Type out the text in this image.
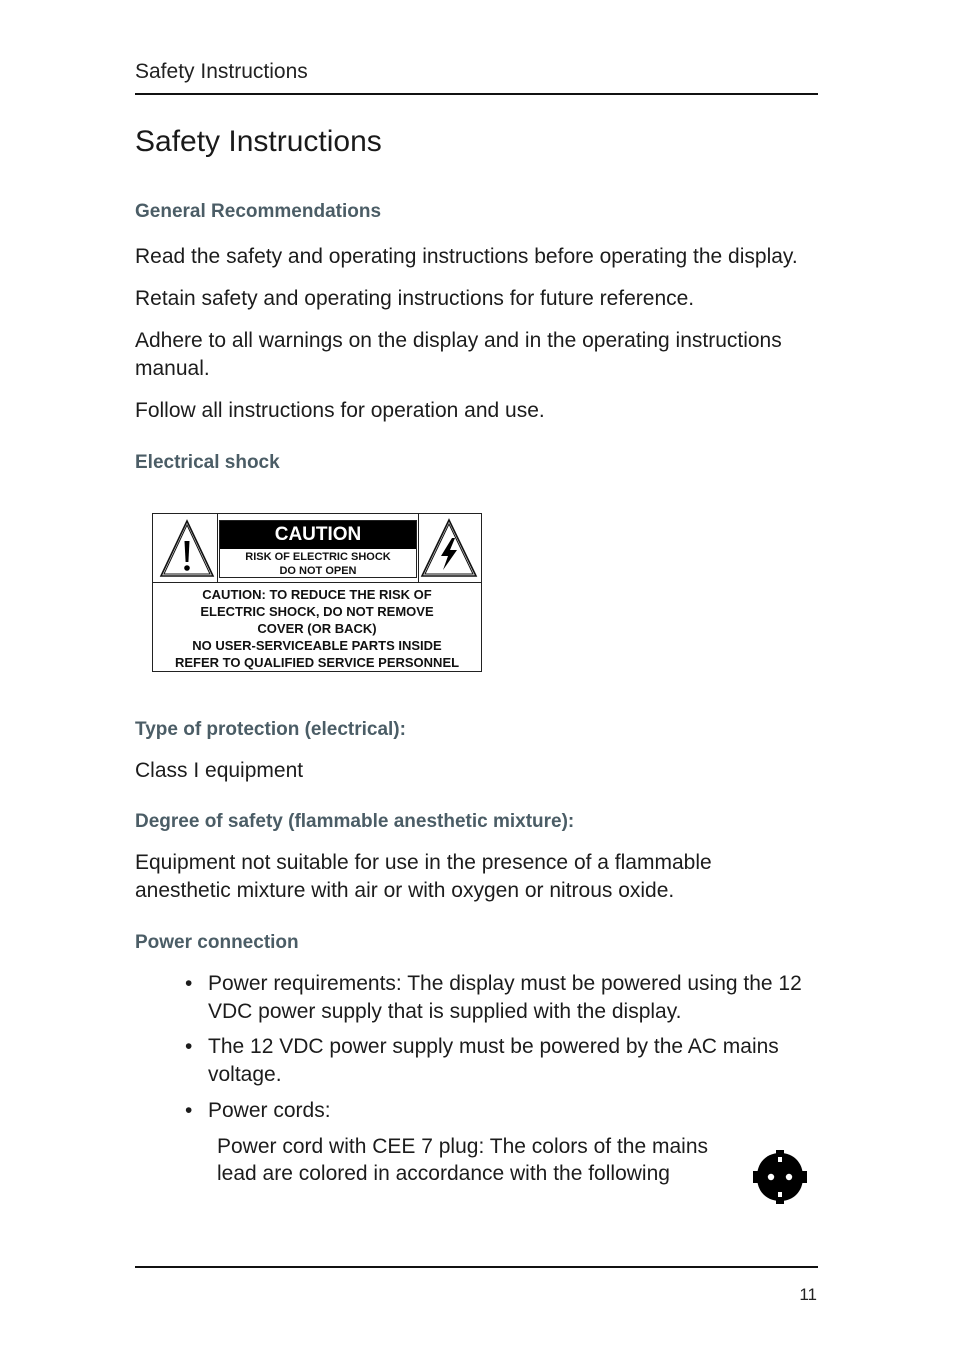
Safety Instructions
Safety Instructions
General Recommendations
Read the safety and operating instructions before operating the display.
Retain safety and operating instructions for future reference.
Adhere to all warnings on the display and in the operating instructions manual.
Follow all instructions for operation and use.
Electrical shock
CAUTION
RISK OF ELECTRIC SHOCK
DO NOT OPEN
CAUTION: TO REDUCE THE RISK OF
ELECTRIC SHOCK, DO NOT REMOVE
COVER (OR BACK)
NO USER-SERVICEABLE PARTS INSIDE
REFER TO QUALIFIED SERVICE PERSONNEL
Type of protection (electrical):
Class I equipment
Degree of safety (flammable anesthetic mixture):
Equipment not suitable for use in the presence of a flammable anesthetic mixture with air or with oxygen or nitrous oxide.
Power connection
• Power requirements: The display must be powered using the 12 VDC power supply that is supplied with the display.
• The 12 VDC power supply must be powered by the AC mains voltage.
• Power cords:
Power cord with CEE 7 plug: The colors of the mains lead are colored in accordance with the following
11
